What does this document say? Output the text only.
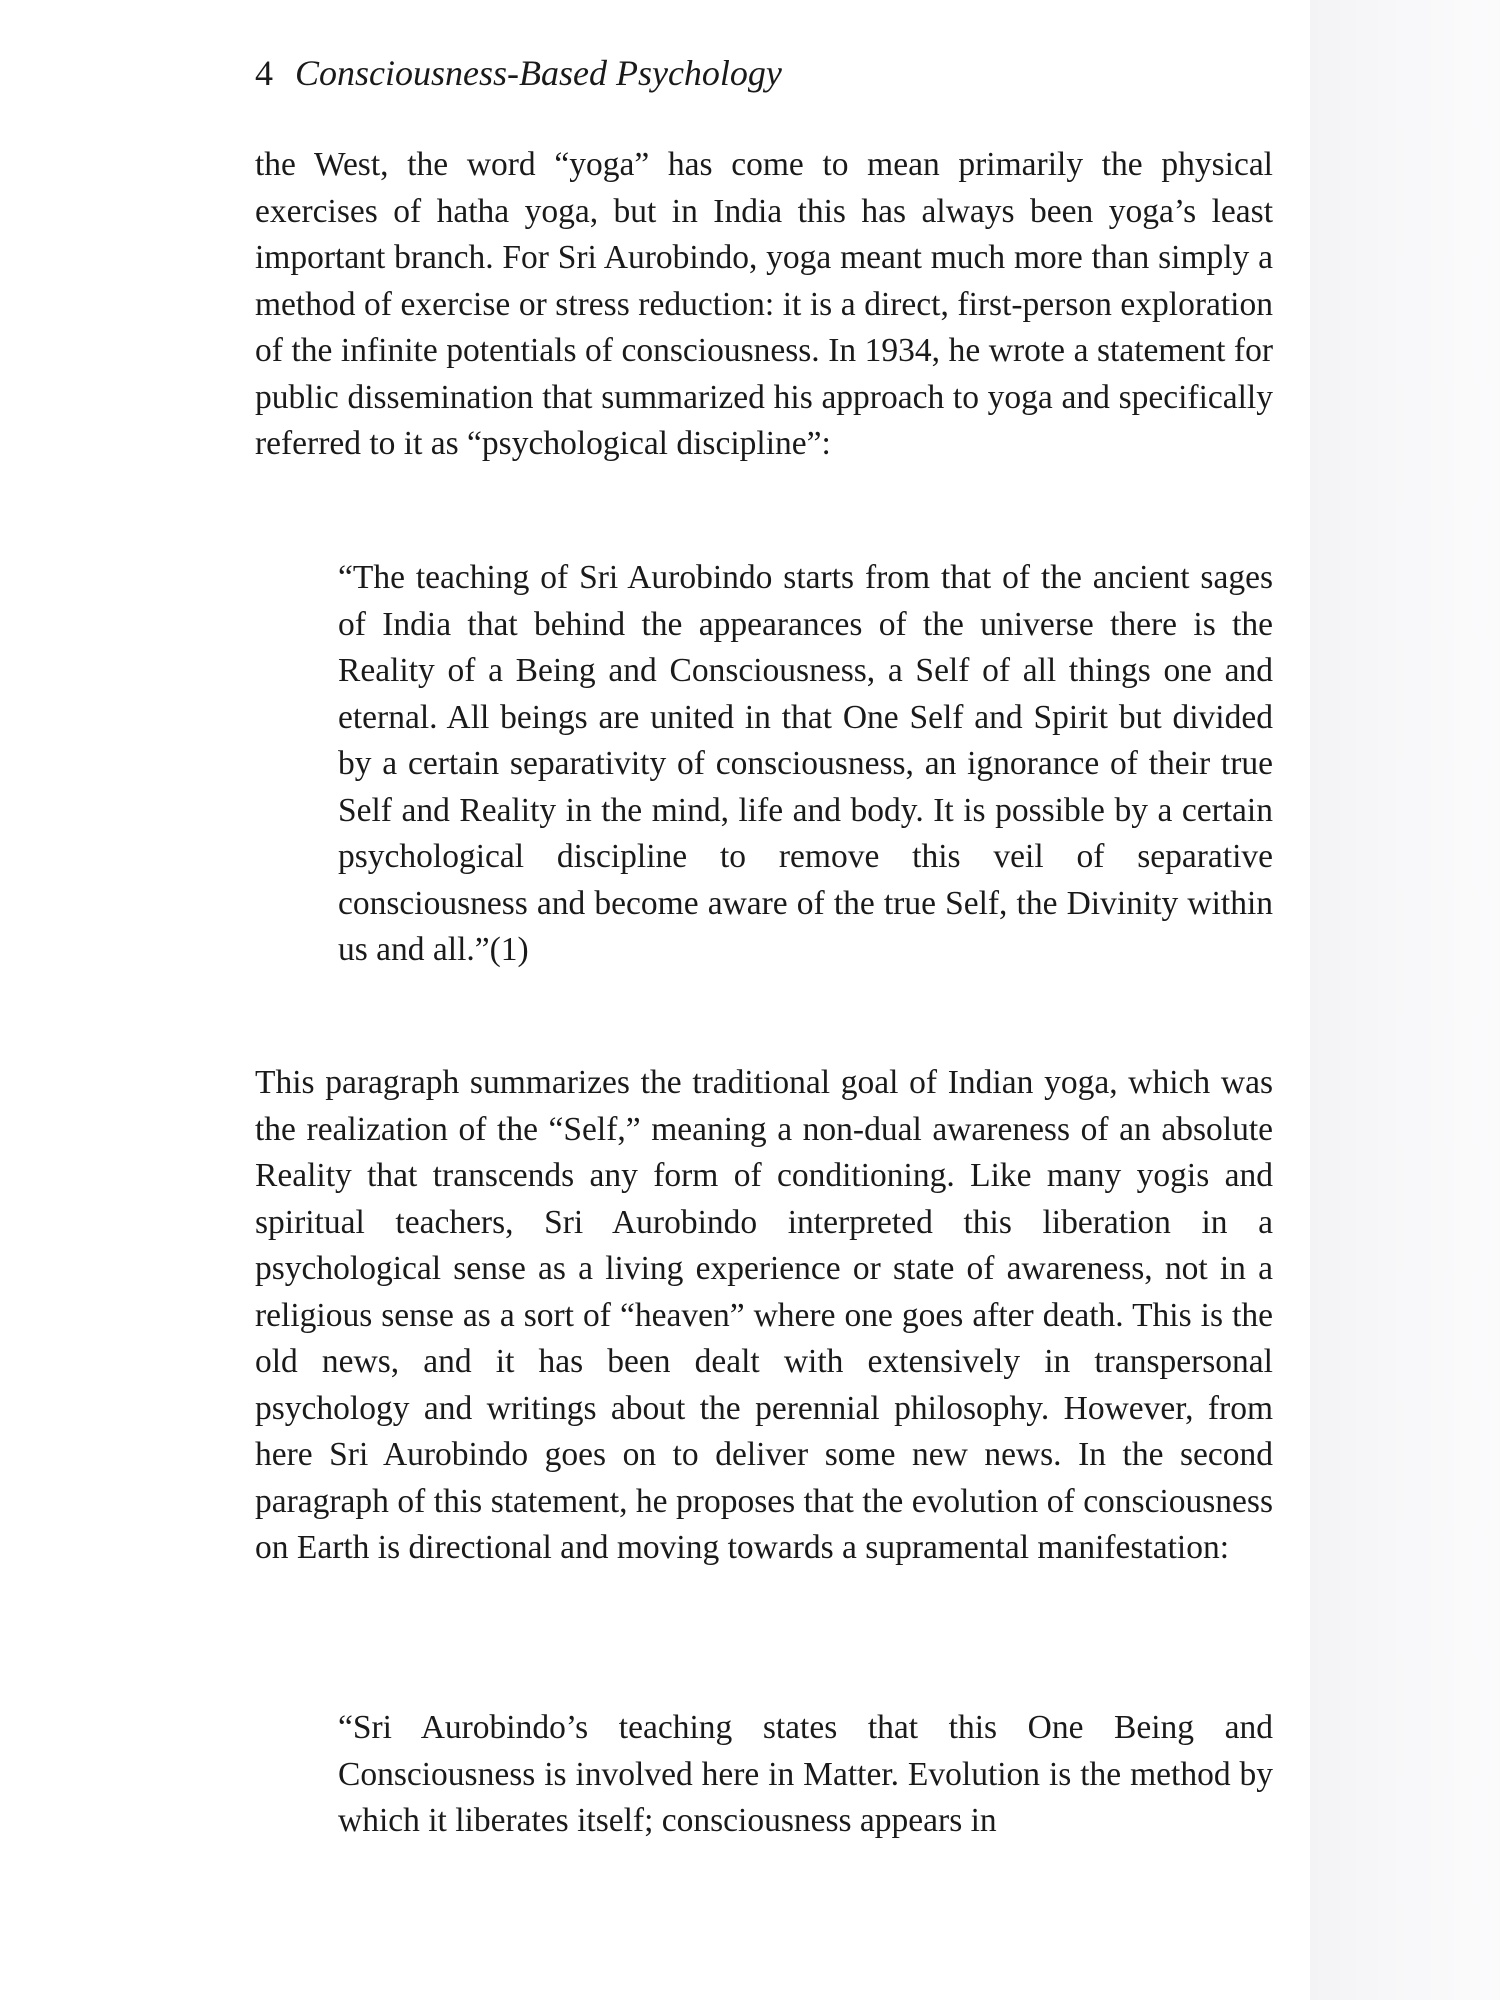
4 Consciousness-Based Psychology

the West, the word “yoga” has come to mean primarily the physical exercises of hatha yoga, but in India this has always been yoga’s least important branch. For Sri Aurobindo, yoga meant much more than simply a method of exercise or stress reduction: it is a direct, first-person exploration of the infinite potentials of consciousness. In 1934, he wrote a statement for public dissemination that summarized his approach to yoga and specifically referred to it as “psychological discipline”:

“The teaching of Sri Aurobindo starts from that of the ancient sages of India that behind the appearances of the universe there is the Reality of a Being and Consciousness, a Self of all things one and eternal. All beings are united in that One Self and Spirit but divided by a certain separativity of consciousness, an ignorance of their true Self and Reality in the mind, life and body. It is possible by a certain psychological discipline to remove this veil of separative consciousness and become aware of the true Self, the Divinity within us and all.”(1)

This paragraph summarizes the traditional goal of Indian yoga, which was the realization of the “Self,” meaning a non-dual awareness of an absolute Reality that transcends any form of conditioning. Like many yogis and spiritual teachers, Sri Aurobindo interpreted this liberation in a psychological sense as a living experience or state of awareness, not in a religious sense as a sort of “heaven” where one goes after death. This is the old news, and it has been dealt with extensively in transpersonal psychology and writings about the perennial philosophy. However, from here Sri Aurobindo goes on to deliver some new news. In the second paragraph of this statement, he proposes that the evolution of consciousness on Earth is directional and moving towards a supramental manifestation:

“Sri Aurobindo’s teaching states that this One Being and Consciousness is involved here in Matter. Evolution is the method by which it liberates itself; consciousness appears in
